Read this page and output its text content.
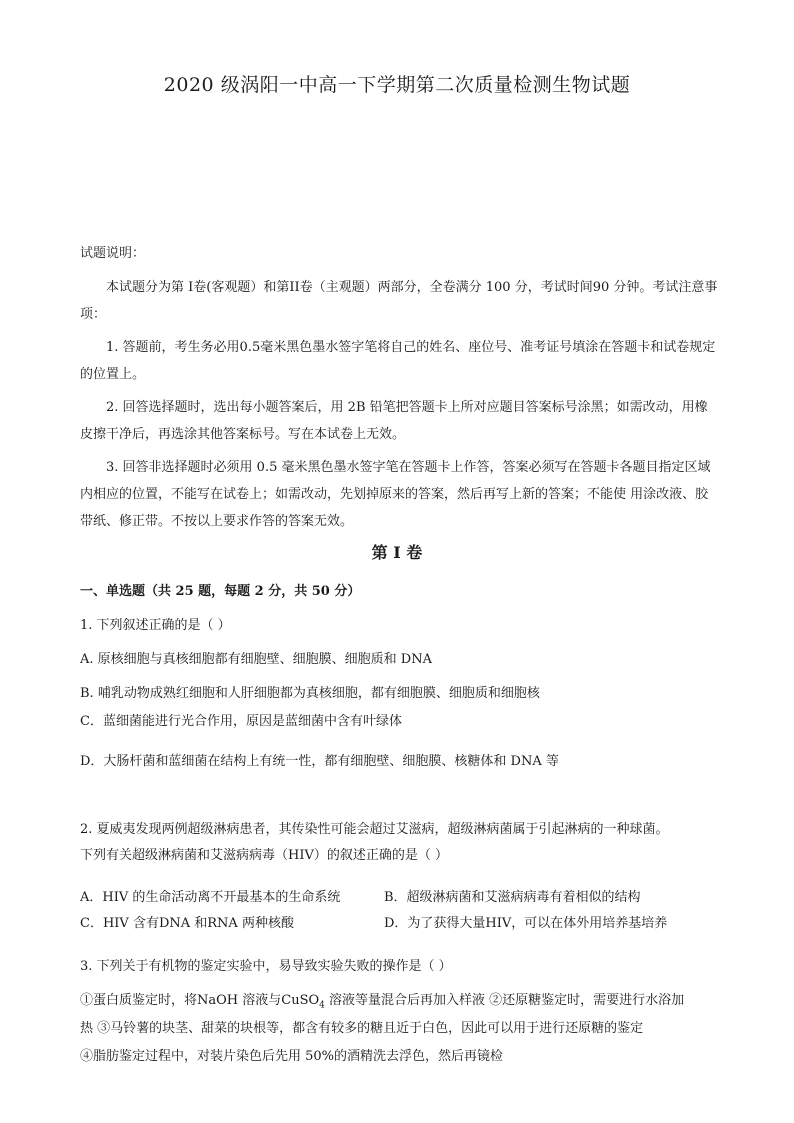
2020 级涡阳一中高一下学期第二次质量检测生物试题
试题说明：
本试题分为第 I卷(客观题）和第II卷（主观题）两部分，全卷满分 100 分，考试时间90 分钟。考试注意事项：
1. 答题前，考生务必用0.5毫米黑色墨水签字笔将自己的姓名、座位号、准考证号填涂在答题卡和试卷规定的位置上。
2. 回答选择题时，选出每小题答案后，用 2B 铅笔把答题卡上所对应题目答案标号涂黑；如需改动，用橡皮擦干净后，再选涂其他答案标号。写在本试卷上无效。
3. 回答非选择题时必须用 0.5 毫米黑色墨水签字笔在答题卡上作答，答案必须写在答题卡各题目指定区域内相应的位置，不能写在试卷上；如需改动，先划掉原来的答案，然后再写上新的答案；不能使 用涂改液、胶带纸、修正带。不按以上要求作答的答案无效。
第 I 卷
一、单选题（共 25 题，每题 2 分，共 50 分）
1. 下列叙述正确的是（ ）
A. 原核细胞与真核细胞都有细胞壁、细胞膜、细胞质和 DNA
B. 哺乳动物成熟红细胞和人肝细胞都为真核细胞，都有细胞膜、细胞质和细胞核
C．蓝细菌能进行光合作用，原因是蓝细菌中含有叶绿体
D．大肠杆菌和蓝细菌在结构上有统一性，都有细胞壁、细胞膜、核糖体和 DNA 等
2. 夏威夷发现两例超级淋病患者，其传染性可能会超过艾滋病，超级淋病菌属于引起淋病的一种球菌。
下列有关超级淋病菌和艾滋病病毒（HIV）的叙述正确的是（ ）
A．HIV 的生命活动离不开最基本的生命系统	B．超级淋病菌和艾滋病病毒有着相似的结构
C．HIV 含有DNA 和RNA 两种核酸	D．为了获得大量HIV，可以在体外用培养基培养
3. 下列关于有机物的鉴定实验中，易导致实验失败的操作是（ ）
①蛋白质鉴定时，将NaOH 溶液与CuSO$_4$ 溶液等量混合后再加入样液 ②还原糖鉴定时，需要进行水浴加
热 ③马铃薯的块茎、甜菜的块根等，都含有较多的糖且近于白色，因此可以用于进行还原糖的鉴定
④脂肪鉴定过程中，对装片染色后先用 50%的酒精洗去浮色，然后再镜检
